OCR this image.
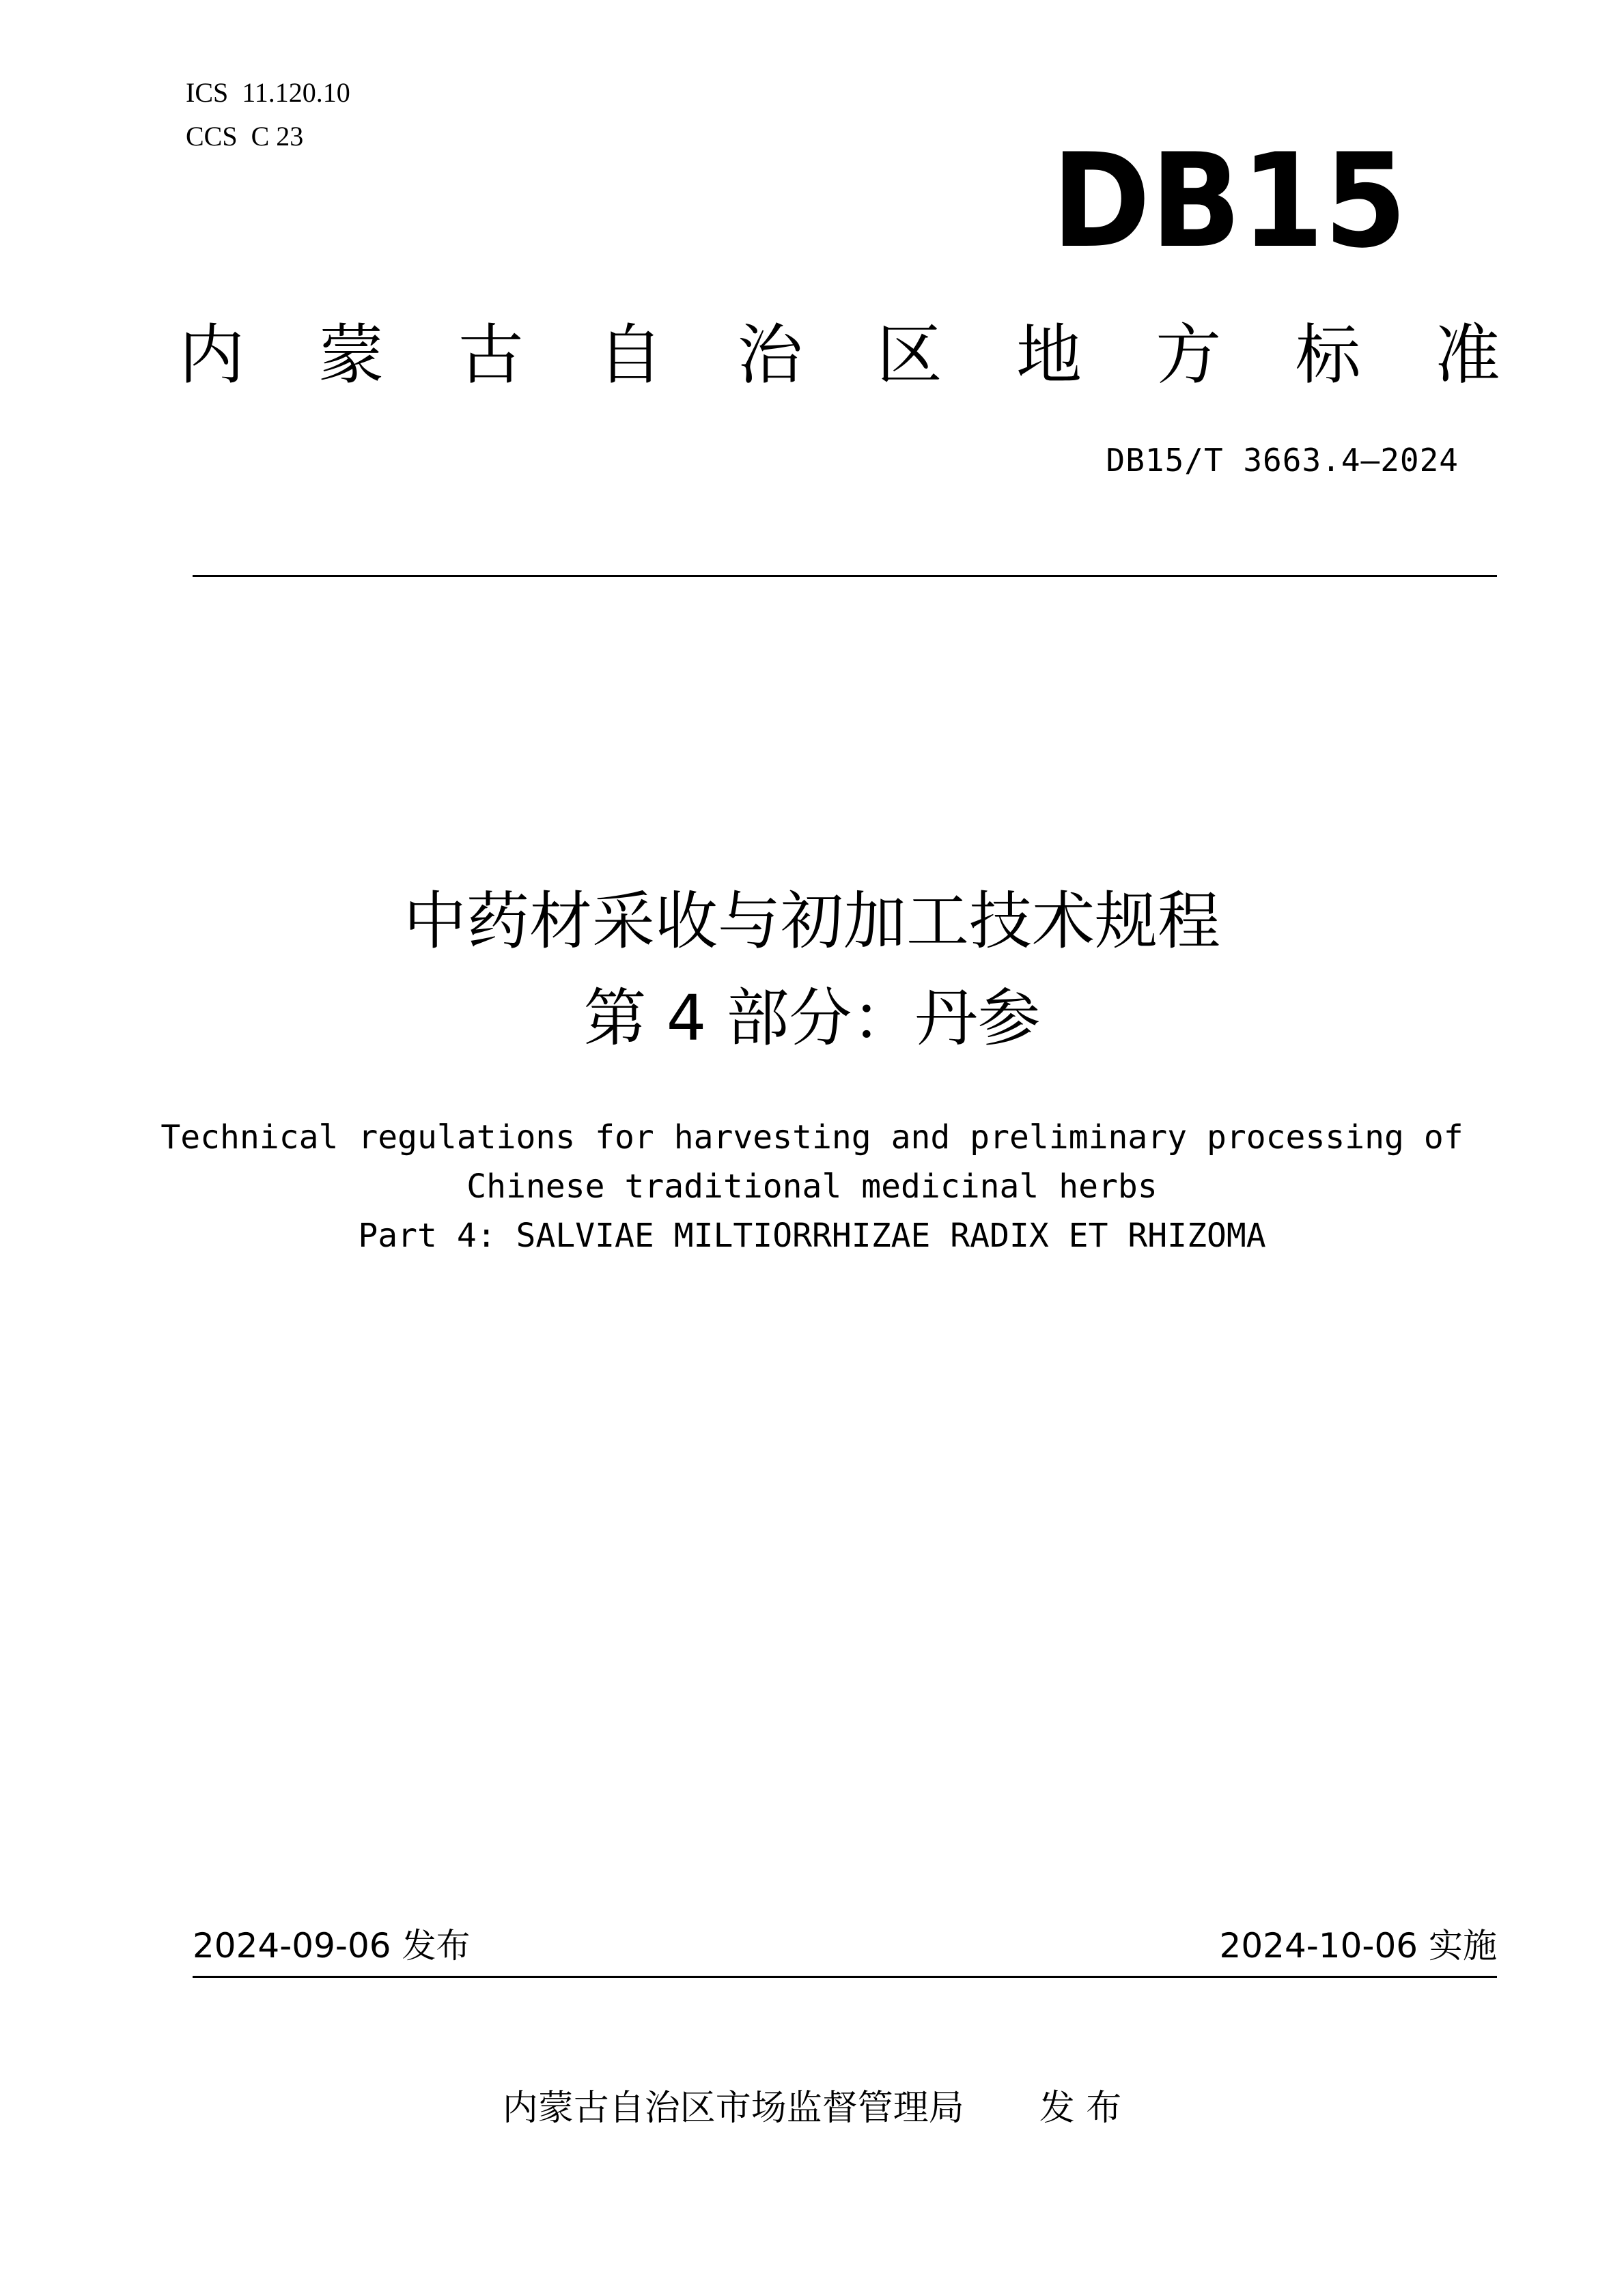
ICS  11.120.10
CCS  C 23	DB15
内 蒙 古 自 治 区 地 方 标 准
DB15/T 3663.4—2024
中药材采收与初加工技术规程
第 4 部分：丹参
Technical regulations for harvesting and preliminary processing of
Chinese traditional medicinal herbs
Part 4: SALVIAE MILTIORRHIZAE RADIX ET RHIZOMA
2024-09-06 发布	2024-10-06 实施
内蒙古自治区市场监督管理局 发 布
